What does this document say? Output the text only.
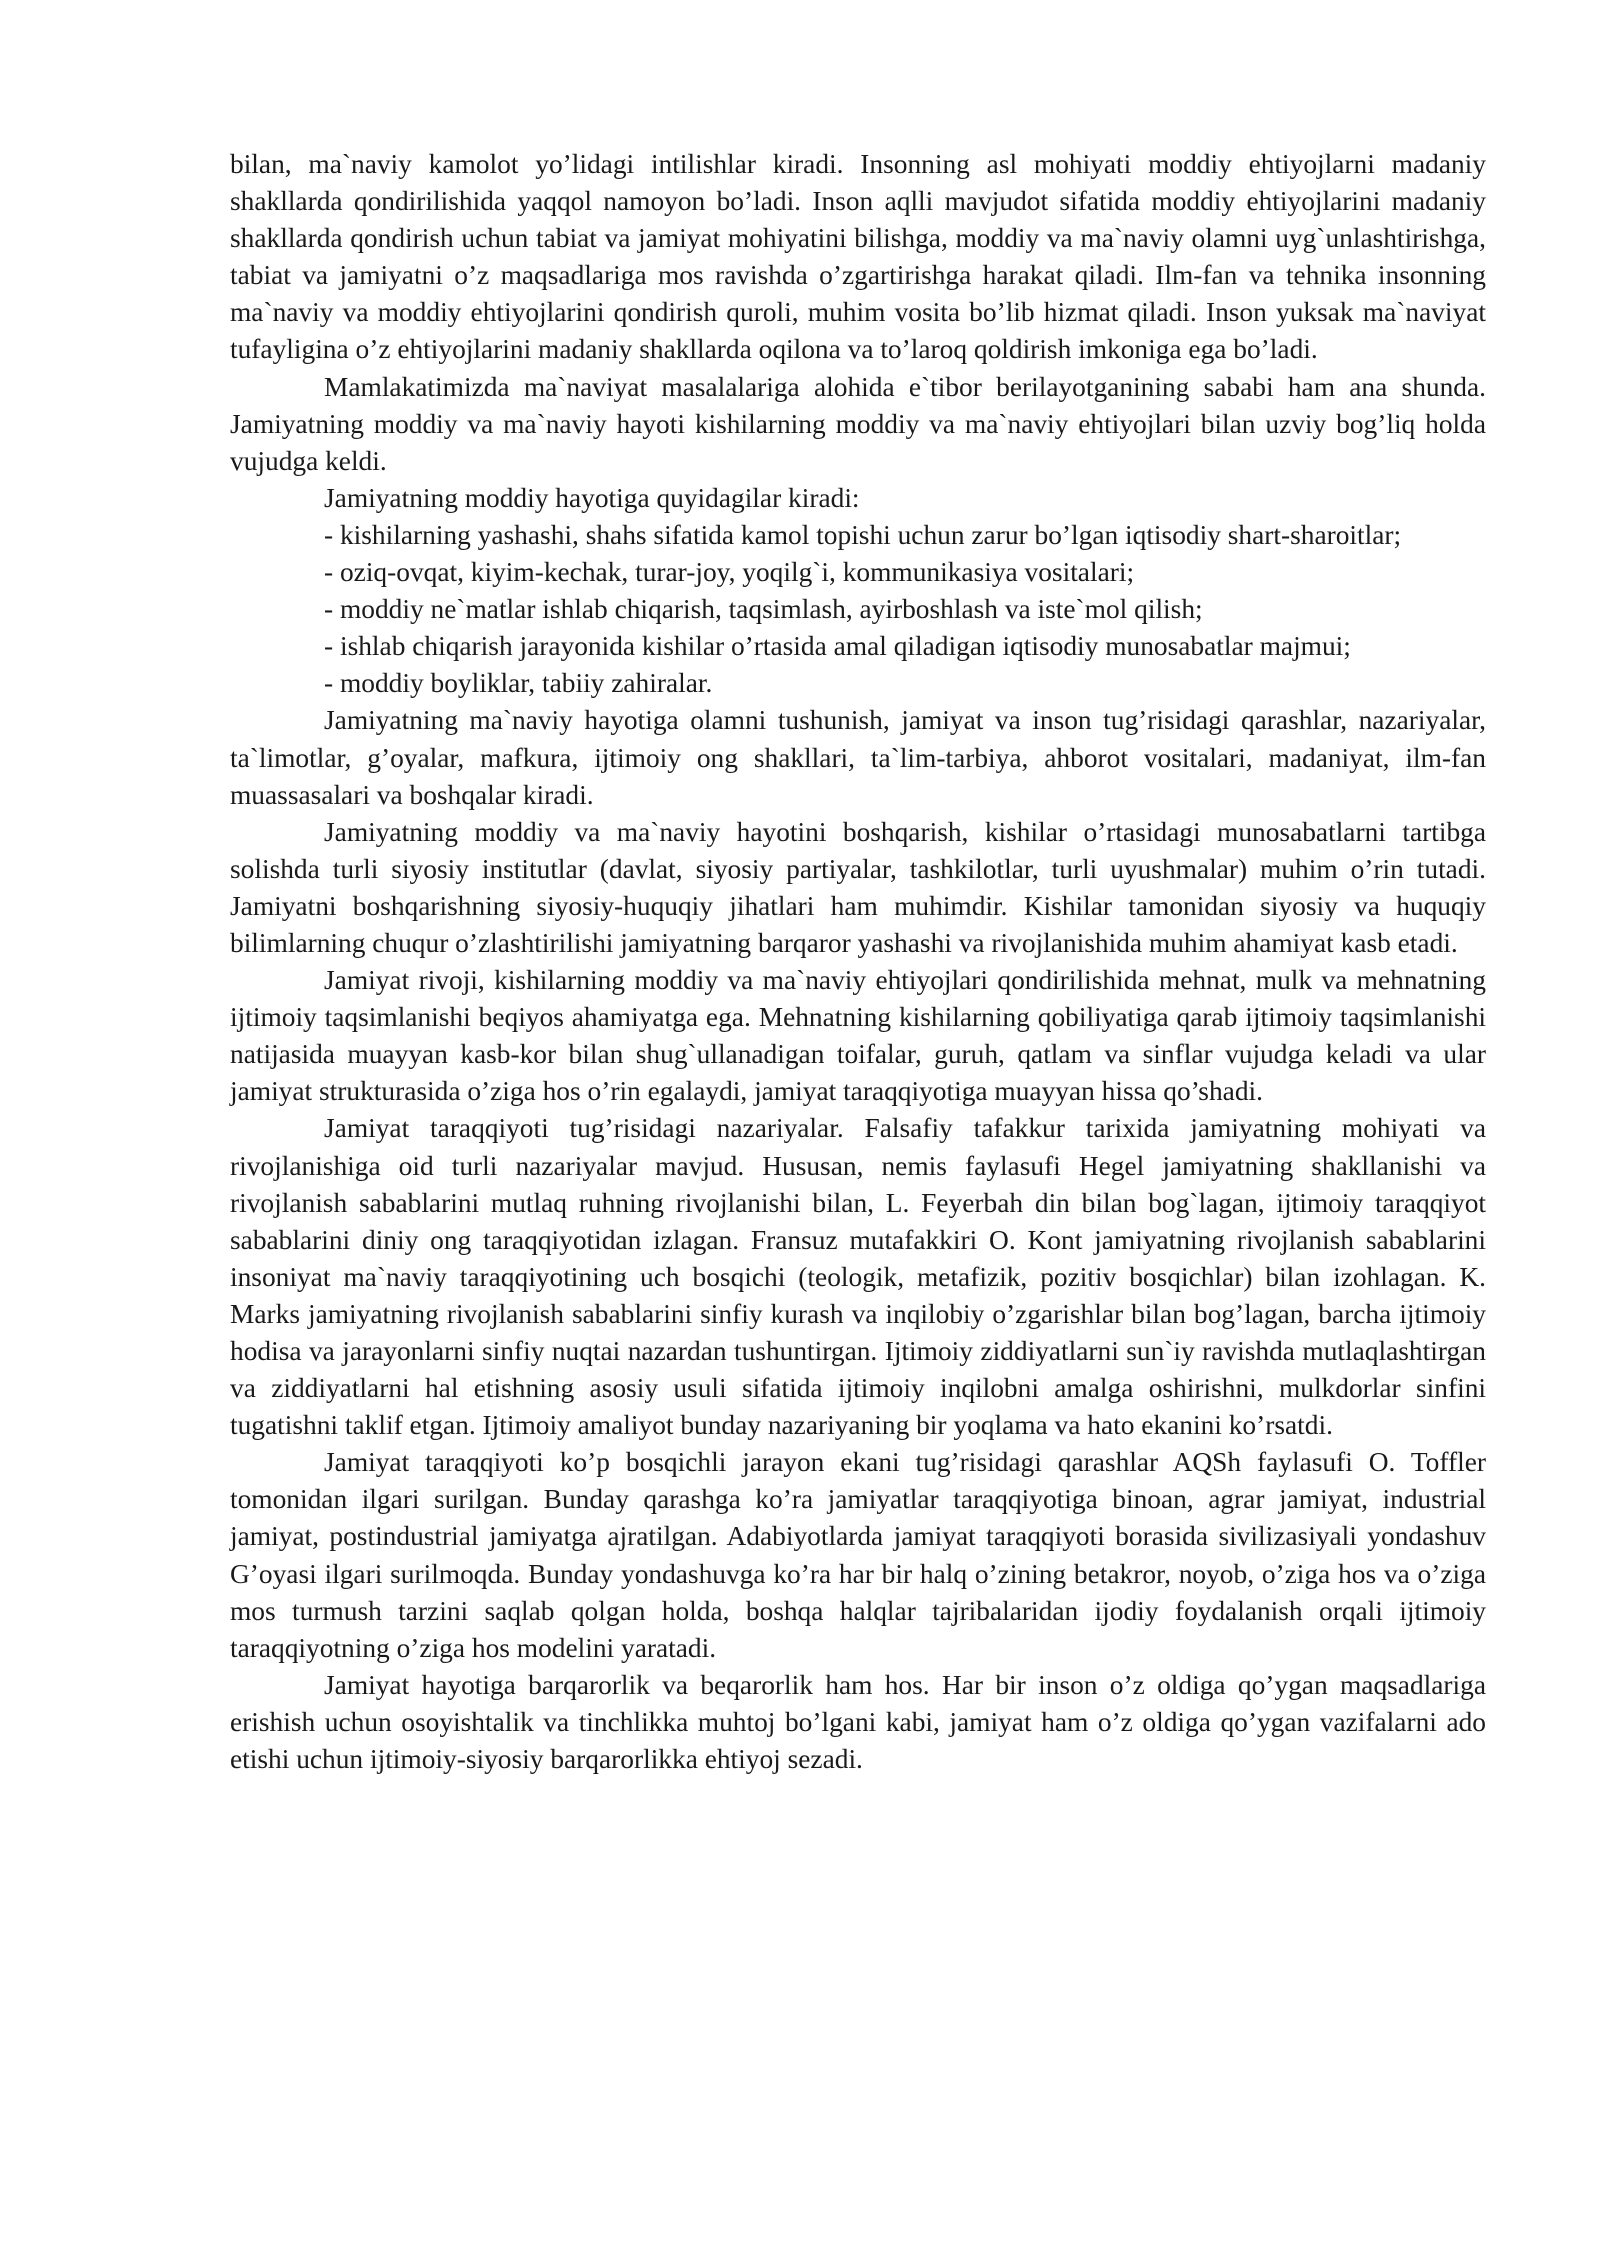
bilan, ma`naviy kamolot yo’lidagi intilishlar kiradi. Insonning asl mohiyati moddiy ehtiyojlarni madaniy shakllarda qondirilishida yaqqol namoyon bo’ladi. Inson aqlli mavjudot sifatida moddiy ehtiyojlarini madaniy shakllarda qondirish uchun tabiat va jamiyat mohiyatini bilishga, moddiy va ma`naviy olamni uyg`unlashtirishga, tabiat va jamiyatni o’z maqsadlariga mos ravishda o’zgartirishga harakat qiladi. Ilm-fan va tehnika insonning ma`naviy va moddiy ehtiyojlarini qondirish quroli, muhim vosita bo’lib hizmat qiladi. Inson yuksak ma`naviyat tufayligina o’z ehtiyojlarini madaniy shakllarda oqilona va to’laroq qoldirish imkoniga ega bo’ladi.

Mamlakatimizda ma`naviyat masalalariga alohida e`tibor berilayotganining sababi ham ana shunda. Jamiyatning moddiy va ma`naviy hayoti kishilarning moddiy va ma`naviy ehtiyojlari bilan uzviy bog’liq holda vujudga keldi.

Jamiyatning moddiy hayotiga quyidagilar kiradi:

- kishilarning yashashi, shahs sifatida kamol topishi uchun zarur bo’lgan iqtisodiy shart-sharoitlar;

- oziq-ovqat, kiyim-kechak, turar-joy, yoqilg`i, kommunikasiya vositalari;

- moddiy ne`matlar ishlab chiqarish, taqsimlash, ayirboshlash va iste`mol qilish;

- ishlab chiqarish jarayonida kishilar o’rtasida amal qiladigan iqtisodiy munosabatlar majmui;

- moddiy boyliklar, tabiiy zahiralar.

Jamiyatning ma`naviy hayotiga olamni tushunish, jamiyat va inson tug’risidagi qarashlar, nazariyalar, ta`limotlar, g’oyalar, mafkura, ijtimoiy ong shakllari, ta`lim-tarbiya, ahborot vositalari, madaniyat, ilm-fan muassasalari va boshqalar kiradi.

Jamiyatning moddiy va ma`naviy hayotini boshqarish, kishilar o’rtasidagi munosabatlarni tartibga solishda turli siyosiy institutlar (davlat, siyosiy partiyalar, tashkilotlar, turli uyushmalar) muhim o’rin tutadi. Jamiyatni boshqarishning siyosiy-huquqiy jihatlari ham muhimdir. Kishilar tamonidan siyosiy va huquqiy bilimlarning chuqur o’zlashtirilishi jamiyatning barqaror yashashi va rivojlanishida muhim ahamiyat kasb etadi.

Jamiyat rivoji, kishilarning moddiy va ma`naviy ehtiyojlari qondirilishida mehnat, mulk va mehnatning ijtimoiy taqsimlanishi beqiyos ahamiyatga ega. Mehnatning kishilarning qobiliyatiga qarab ijtimoiy taqsimlanishi natijasida muayyan kasb-kor bilan shug`ullanadigan toifalar, guruh, qatlam va sinflar vujudga keladi va ular jamiyat strukturasida o’ziga hos o’rin egalaydi, jamiyat taraqqiyotiga muayyan hissa qo’shadi.

Jamiyat taraqqiyoti tug’risidagi nazariyalar. Falsafiy tafakkur tarixida jamiyatning mohiyati va rivojlanishiga oid turli nazariyalar mavjud. Hususan, nemis faylasufi Hegel jamiyatning shakllanishi va rivojlanish sabablarini mutlaq ruhning rivojlanishi bilan, L. Feyerbah din bilan bog`lagan, ijtimoiy taraqqiyot sabablarini diniy ong taraqqiyotidan izlagan. Fransuz mutafakkiri O. Kont jamiyatning rivojlanish sabablarini insoniyat ma`naviy taraqqiyotining uch bosqichi (teologik, metafizik, pozitiv bosqichlar) bilan izohlagan. K. Marks jamiyatning rivojlanish sabablarini sinfiy kurash va inqilobiy o’zgarishlar bilan bog’lagan, barcha ijtimoiy hodisa va jarayonlarni sinfiy nuqtai nazardan tushuntirgan. Ijtimoiy ziddiyatlarni sun`iy ravishda mutlaqlashtirgan va ziddiyatlarni hal etishning asosiy usuli sifatida ijtimoiy inqilobni amalga oshirishni, mulkdorlar sinfini tugatishni taklif etgan. Ijtimoiy amaliyot bunday nazariyaning bir yoqlama va hato ekanini ko’rsatdi.

Jamiyat taraqqiyoti ko’p bosqichli jarayon ekani tug’risidagi qarashlar AQSh faylasufi O. Toffler tomonidan ilgari surilgan. Bunday qarashga ko’ra jamiyatlar taraqqiyotiga binoan, agrar jamiyat, industrial jamiyat, postindustrial jamiyatga ajratilgan. Adabiyotlarda jamiyat taraqqiyoti borasida sivilizasiyali yondashuv G’oyasi ilgari surilmoqda. Bunday yondashuvga ko’ra har bir halq o’zining betakror, noyob, o’ziga hos va o’ziga mos turmush tarzini saqlab qolgan holda, boshqa halqlar tajribalaridan ijodiy foydalanish orqali ijtimoiy taraqqiyotning o’ziga hos modelini yaratadi.

Jamiyat hayotiga barqarorlik va beqarorlik ham hos. Har bir inson o’z oldiga qo’ygan maqsadlariga erishish uchun osoyishtalik va tinchlikka muhtoj bo’lgani kabi, jamiyat ham o’z oldiga qo’ygan vazifalarni ado etishi uchun ijtimoiy-siyosiy barqarorlikka ehtiyoj sezadi.
